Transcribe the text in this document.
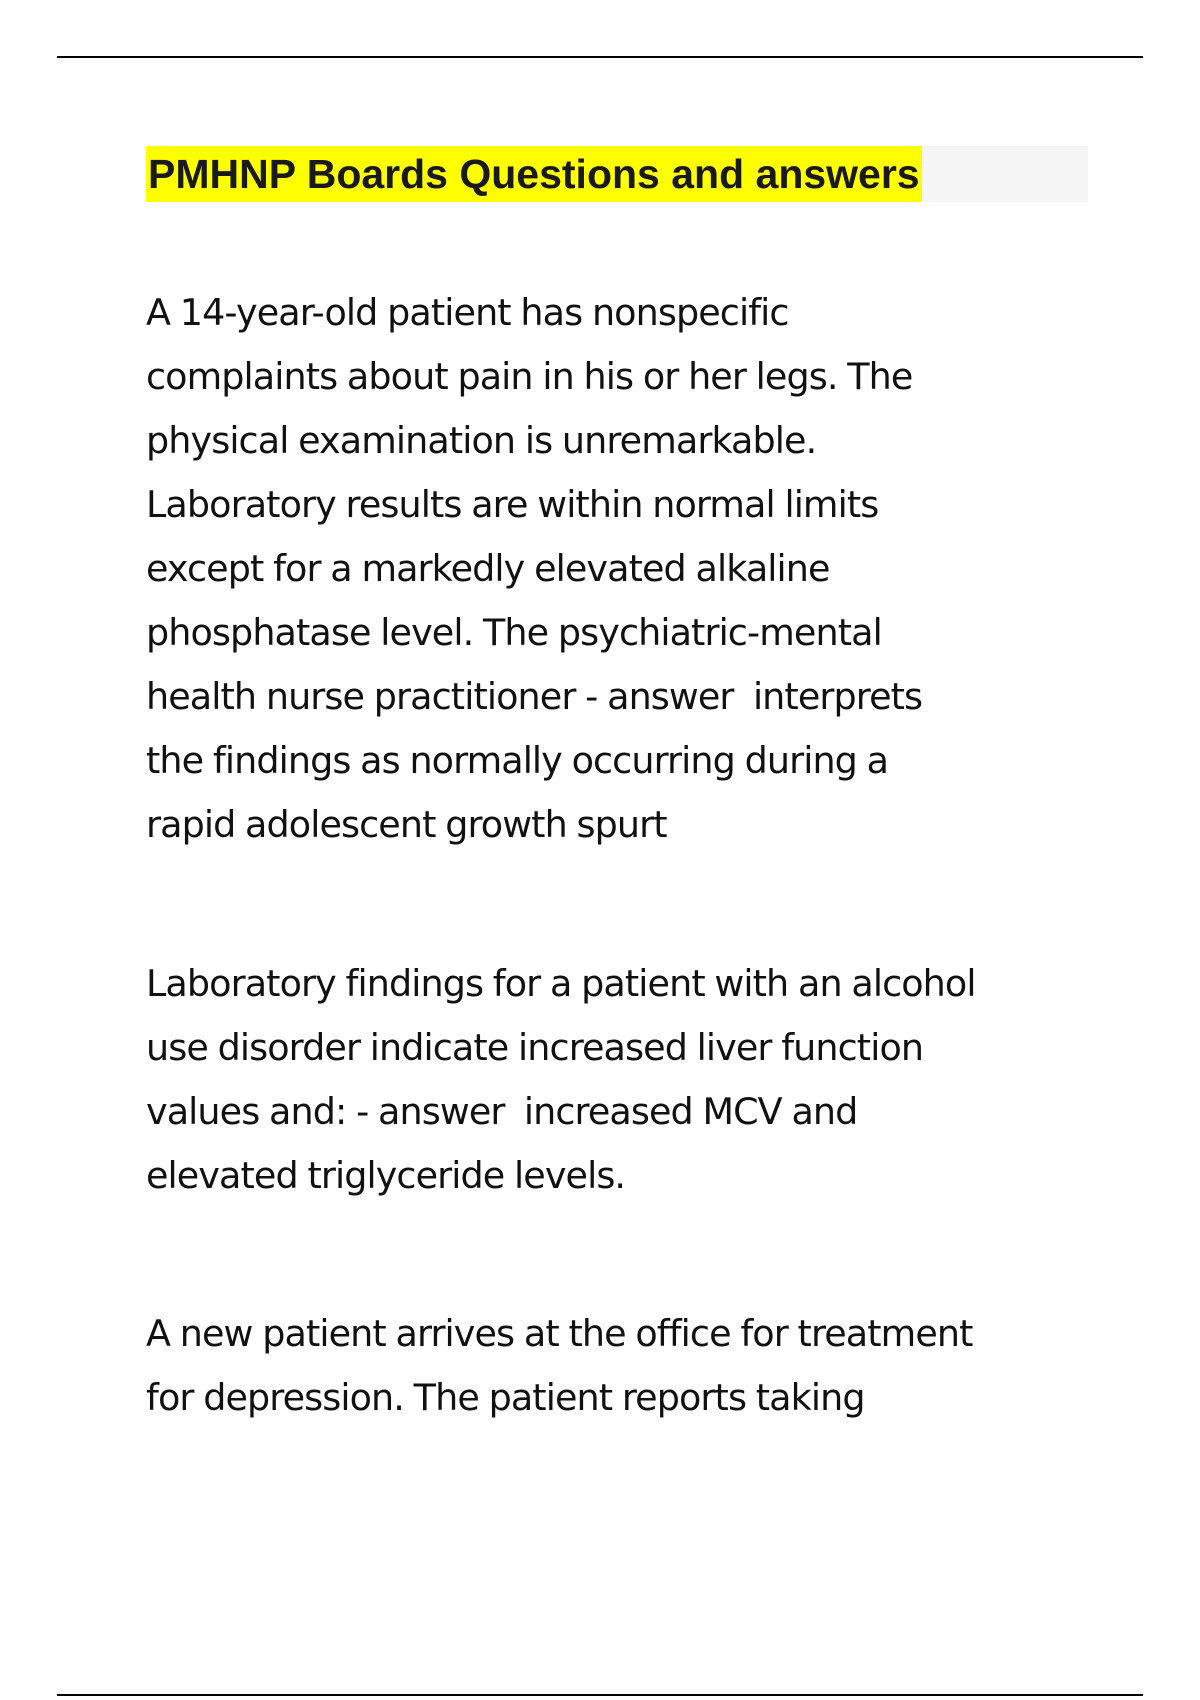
PMHNP Boards Questions and answers

A 14-year-old patient has nonspecific
complaints about pain in his or her legs. The
physical examination is unremarkable.
Laboratory results are within normal limits
except for a markedly elevated alkaline
phosphatase level. The psychiatric-mental
health nurse practitioner - answer  interprets
the findings as normally occurring during a
rapid adolescent growth spurt

Laboratory findings for a patient with an alcohol
use disorder indicate increased liver function
values and: - answer  increased MCV and
elevated triglyceride levels.

A new patient arrives at the office for treatment
for depression. The patient reports taking
